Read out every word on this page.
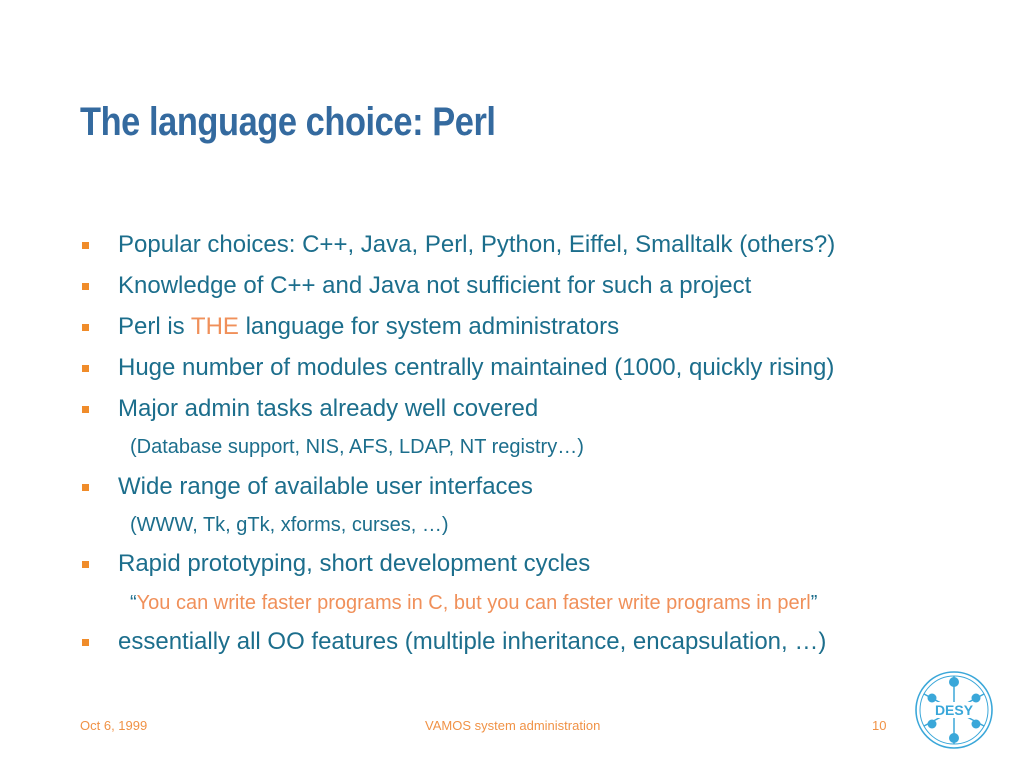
The language choice: Perl
Popular choices: C++, Java, Perl, Python, Eiffel, Smalltalk (others?)
Knowledge of C++ and Java not sufficient for such a project
Perl is THE language for system administrators
Huge number of modules centrally maintained (1000, quickly rising)
Major admin tasks already well covered
(Database support, NIS, AFS, LDAP, NT registry…)
Wide range of available user interfaces
(WWW, Tk, gTk, xforms, curses, …)
Rapid prototyping, short development cycles
“You can write faster programs in C, but you can faster write programs in perl”
essentially all OO features (multiple inheritance, encapsulation, …)
Oct 6, 1999	VAMOS system administration	10
DESY
